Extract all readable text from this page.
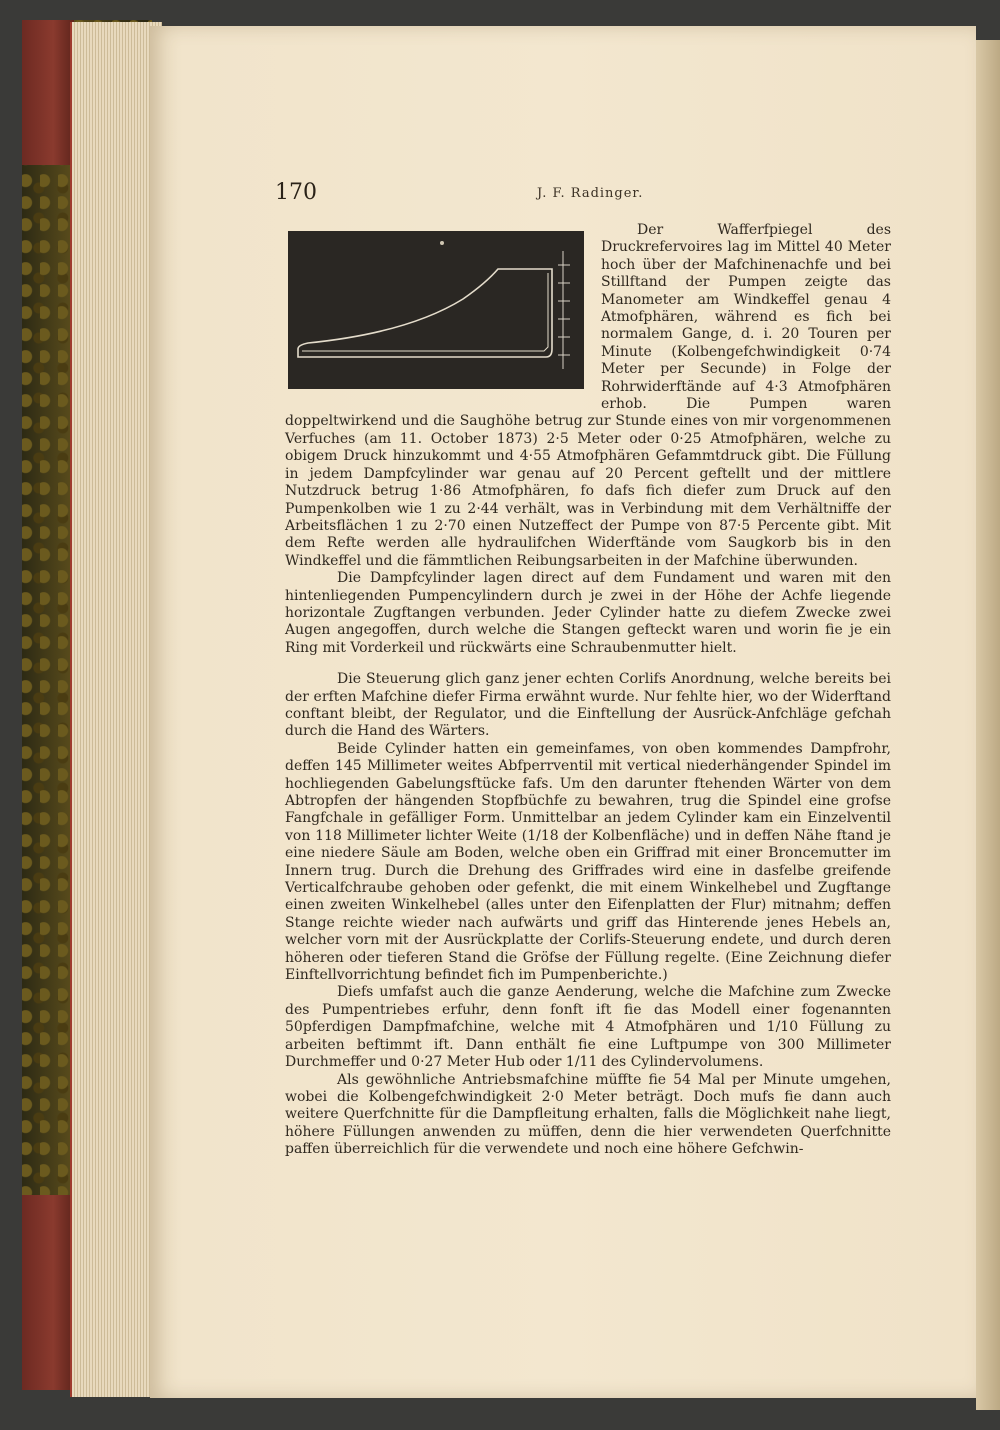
170	J. F. Radinger.

Der Wafferfpiegel des Druckrefervoires lag im Mittel 40 Meter hoch über der Mafchinenachfe und bei Stillftand der Pumpen zeigte das Manometer am Windkeffel genau 4 Atmofphären, während es fich bei normalem Gange, d. i. 20 Touren per Minute (Kolbengefchwindigkeit 0·74 Meter per Secunde) in Folge der Rohrwiderftände auf 4·3 Atmofphären erhob. Die Pumpen waren doppeltwirkend und die Saughöhe betrug zur Stunde eines von mir vorgenommenen Verfuches (am 11. October 1873) 2·5 Meter oder 0·25 Atmofphären, welche zu obigem Druck hinzukommt und 4·55 Atmofphären Gefammtdruck gibt. Die Füllung in jedem Dampfcylinder war genau auf 20 Percent geftellt und der mittlere Nutzdruck betrug 1·86 Atmofphären, fo dafs fich diefer zum Druck auf den Pumpenkolben wie 1 zu 2·44 verhält, was in Verbindung mit dem Verhältniffe der Arbeitsflächen 1 zu 2·70 einen Nutzeffect der Pumpe von 87·5 Percente gibt. Mit dem Refte werden alle hydraulifchen Widerftände vom Saugkorb bis in den Windkeffel und die fämmtlichen Reibungsarbeiten in der Mafchine überwunden.

Die Dampfcylinder lagen direct auf dem Fundament und waren mit den hintenliegenden Pumpencylindern durch je zwei in der Höhe der Achfe liegende horizontale Zugftangen verbunden. Jeder Cylinder hatte zu diefem Zwecke zwei Augen angegoffen, durch welche die Stangen gefteckt waren und worin fie je ein Ring mit Vorderkeil und rückwärts eine Schraubenmutter hielt.

Die Steuerung glich ganz jener echten Corlifs Anordnung, welche bereits bei der erften Mafchine diefer Firma erwähnt wurde. Nur fehlte hier, wo der Widerftand conftant bleibt, der Regulator, und die Einftellung der Ausrück-Anfchläge gefchah durch die Hand des Wärters.

Beide Cylinder hatten ein gemeinfames, von oben kommendes Dampfrohr, deffen 145 Millimeter weites Abfperrventil mit vertical niederhängender Spindel im hochliegenden Gabelungsftücke fafs. Um den darunter ftehenden Wärter von dem Abtropfen der hängenden Stopfbüchfe zu bewahren, trug die Spindel eine grofse Fangfchale in gefälliger Form. Unmittelbar an jedem Cylinder kam ein Einzelventil von 118 Millimeter lichter Weite (1/18 der Kolbenfläche) und in deffen Nähe ftand je eine niedere Säule am Boden, welche oben ein Griffrad mit einer Broncemutter im Innern trug. Durch die Drehung des Griffrades wird eine in dasfelbe greifende Verticalfchraube gehoben oder gefenkt, die mit einem Winkelhebel und Zugftange einen zweiten Winkelhebel (alles unter den Eifenplatten der Flur) mitnahm; deffen Stange reichte wieder nach aufwärts und griff das Hinterende jenes Hebels an, welcher vorn mit der Ausrückplatte der Corlifs-Steuerung endete, und durch deren höheren oder tieferen Stand die Gröfse der Füllung regelte. (Eine Zeichnung diefer Einftellvorrichtung befindet fich im Pumpenberichte.)

Diefs umfafst auch die ganze Aenderung, welche die Mafchine zum Zwecke des Pumpentriebes erfuhr, denn fonft ift fie das Modell einer fogenannten 50pferdigen Dampfmafchine, welche mit 4 Atmofphären und 1/10 Füllung zu arbeiten beftimmt ift. Dann enthält fie eine Luftpumpe von 300 Millimeter Durchmeffer und 0·27 Meter Hub oder 1/11 des Cylindervolumens.

Als gewöhnliche Antriebsmafchine müffte fie 54 Mal per Minute umgehen, wobei die Kolbengefchwindigkeit 2·0 Meter beträgt. Doch mufs fie dann auch weitere Querfchnitte für die Dampfleitung erhalten, falls die Möglichkeit nahe liegt, höhere Füllungen anwenden zu müffen, denn die hier verwendeten Querfchnitte paffen überreichlich für die verwendete und noch eine höhere Gefchwin-
